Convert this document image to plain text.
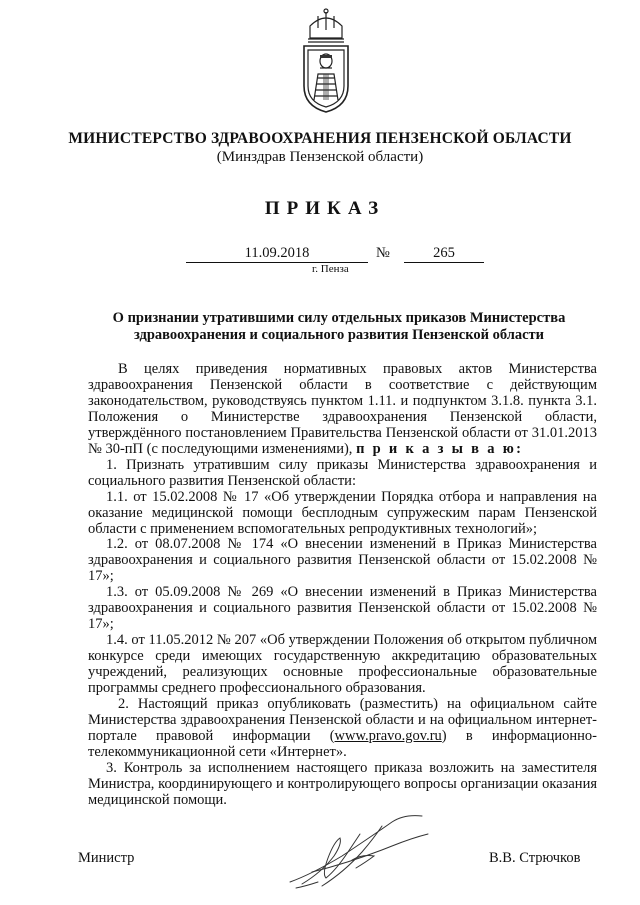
МИНИСТЕРСТВО ЗДРАВООХРАНЕНИЯ ПЕНЗЕНСКОЙ ОБЛАСТИ
(Минздрав Пензенской области)
ПРИКАЗ
11.09.2018	№	265
г. Пенза
О признании утратившими силу отдельных приказов Министерства здравоохранения и социального развития Пензенской области

В целях приведения нормативных правовых актов Министерства здравоохранения Пензенской области в соответствие с действующим законодательством, руководствуясь пунктом 1.11. и подпунктом 3.1.8. пункта 3.1. Положения о Министерстве здравоохранения Пензенской области, утверждённого постановлением Правительства Пензенской области от 31.01.2013 № 30-пП (с последующими изменениями), п р и к а з ы в а ю:

1. Признать утратившим силу приказы Министерства здравоохранения и социального развития Пензенской области:

1.1. от 15.02.2008 № 17 «Об утверждении Порядка отбора и направления на оказание медицинской помощи бесплодным супружеским парам Пензенской области с применением вспомогательных репродуктивных технологий»;

1.2. от 08.07.2008 № 174 «О внесении изменений в Приказ Министерства здравоохранения и социального развития Пензенской области от 15.02.2008 № 17»;

1.3. от 05.09.2008 № 269 «О внесении изменений в Приказ Министерства здравоохранения и социального развития Пензенской области от 15.02.2008 № 17»;

1.4. от 11.05.2012 № 207 «Об утверждении Положения об открытом публичном конкурсе среди имеющих государственную аккредитацию образовательных учреждений, реализующих основные профессиональные образовательные программы среднего профессионального образования.

2. Настоящий приказ опубликовать (разместить) на официальном сайте Министерства здравоохранения Пензенской области и на официальном интернет-портале правовой информации (www.pravo.gov.ru) в информационно-телекоммуникационной сети «Интернет».

3. Контроль за исполнением настоящего приказа возложить на заместителя Министра, координирующего и контролирующего вопросы организации оказания медицинской помощи.

Министр	В.В. Стрючков
